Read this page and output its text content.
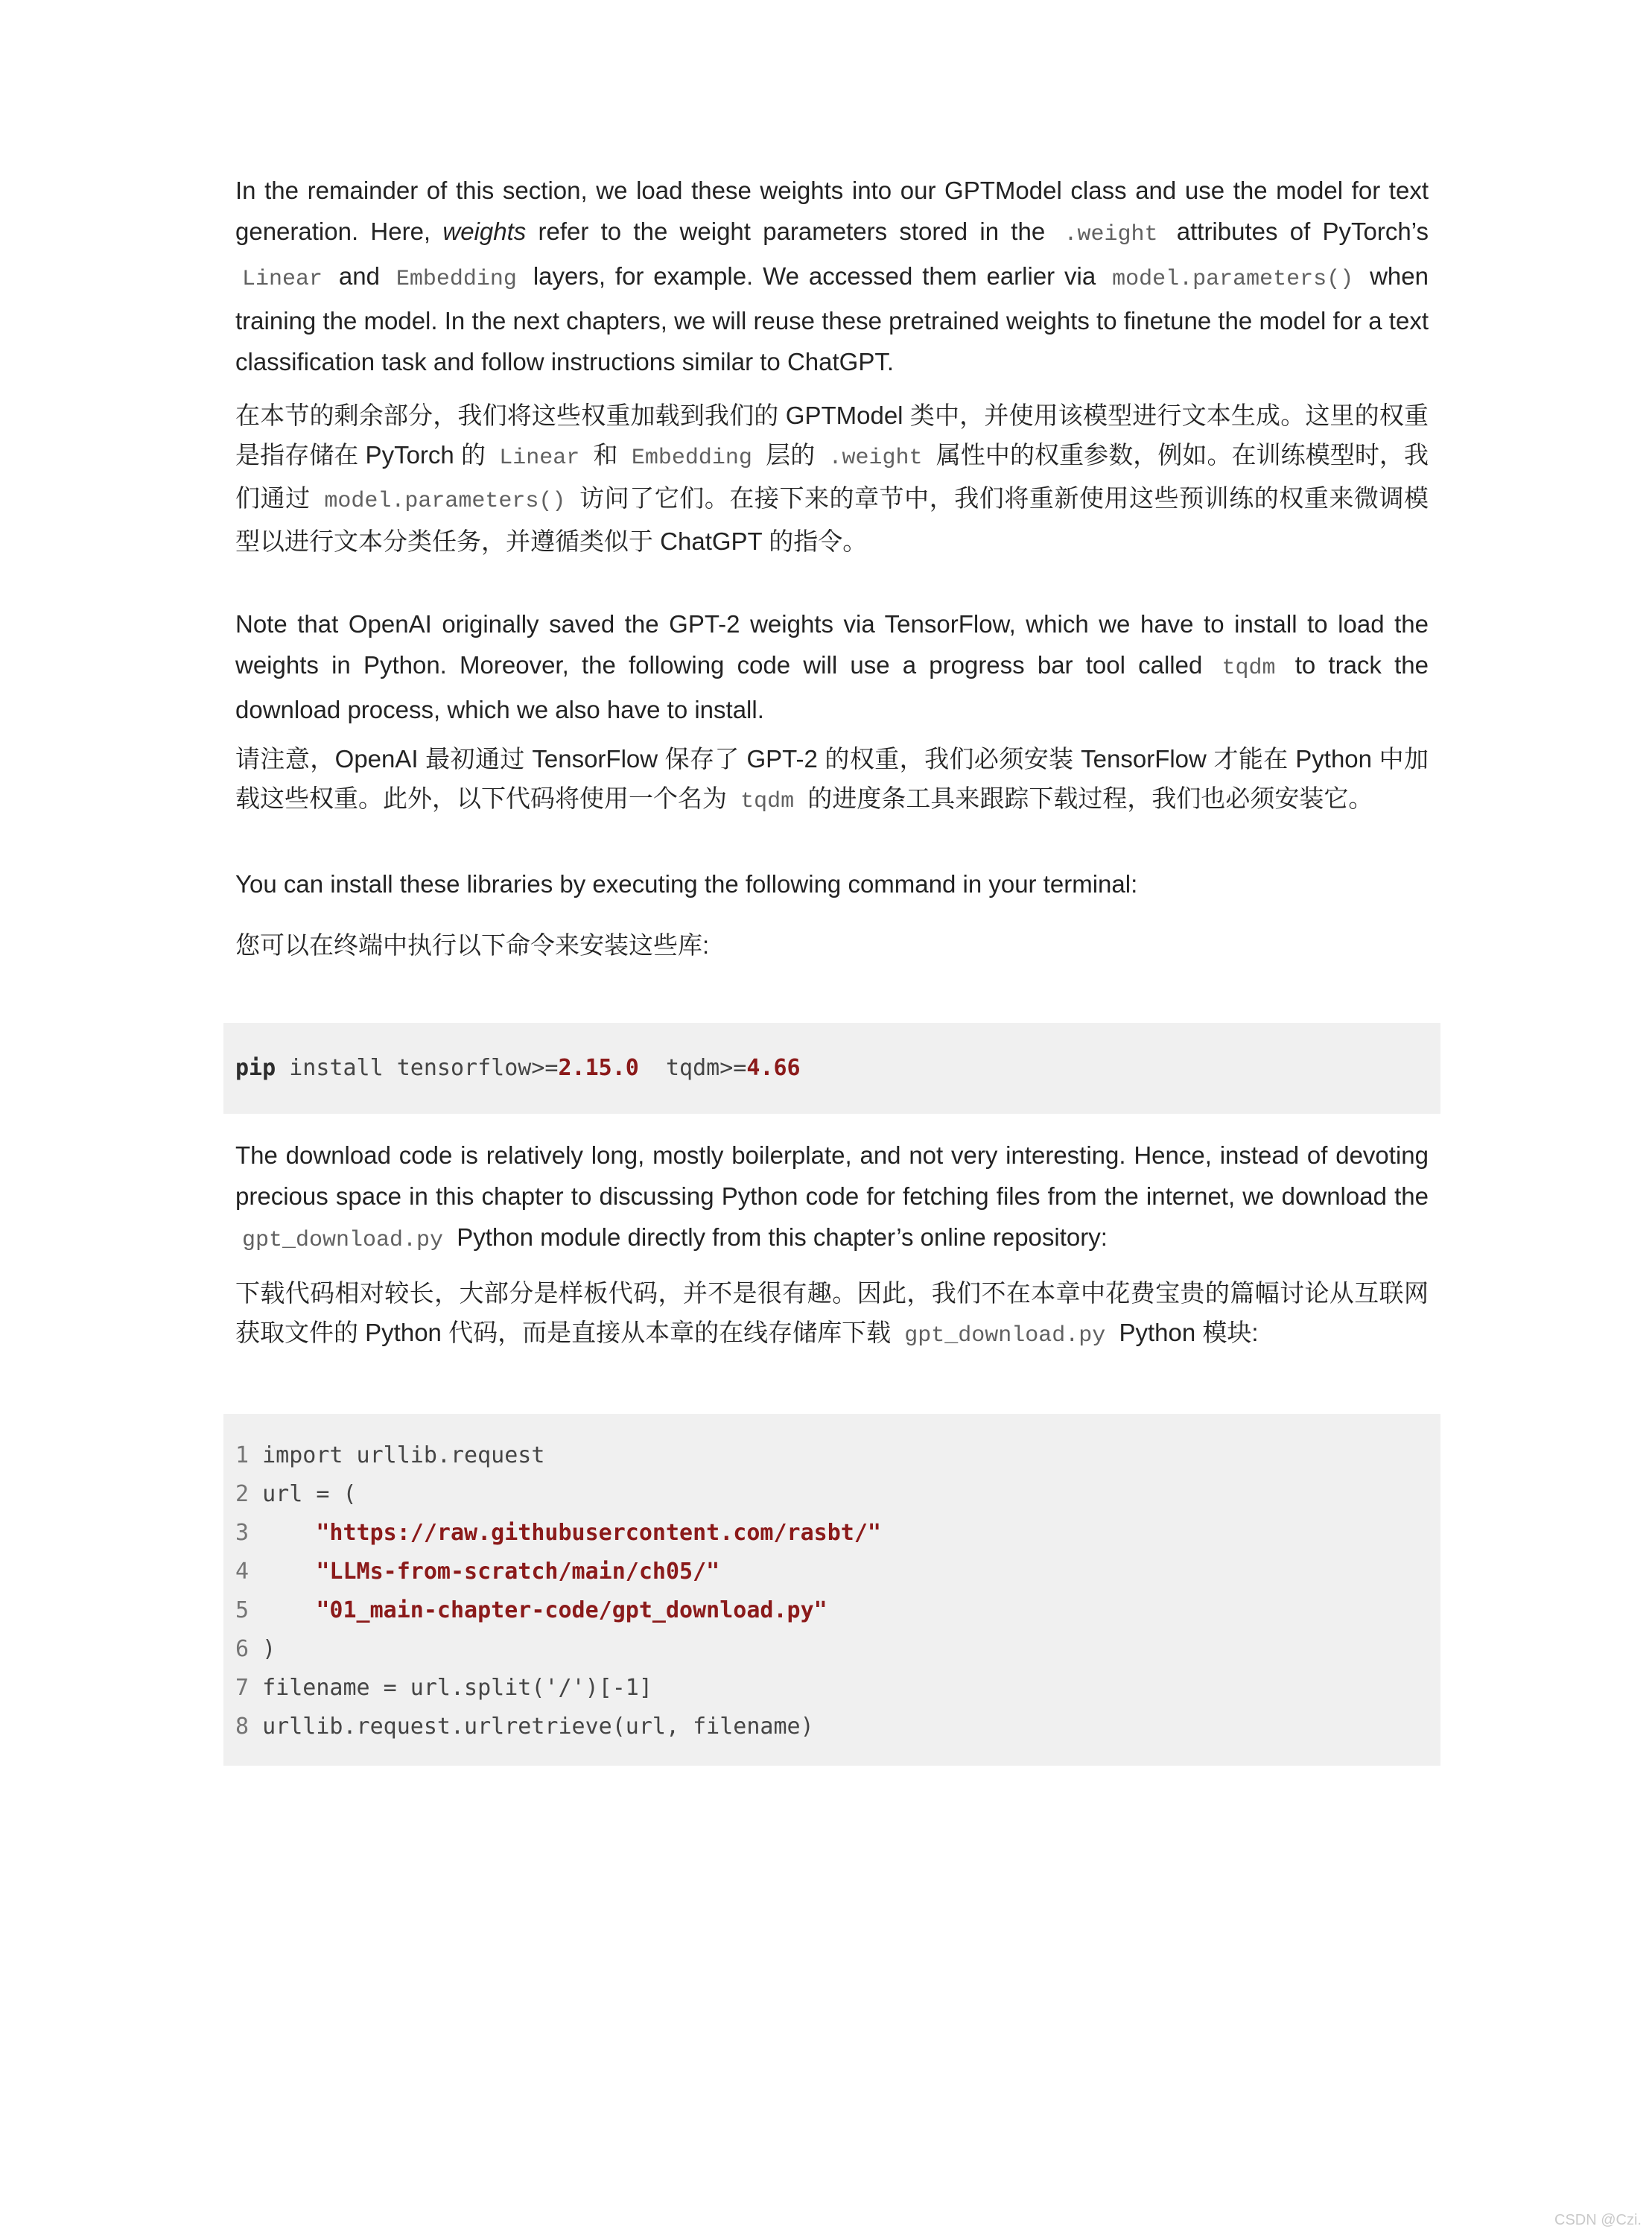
In the remainder of this section, we load these weights into our GPTModel class and use the model for text generation. Here, weights refer to the weight parameters stored in the .weight attributes of PyTorch’s Linear and Embedding layers, for example. We accessed them earlier via model.parameters() when training the model. In the next chapters, we will reuse these pretrained weights to finetune the model for a text classification task and follow instructions similar to ChatGPT.

在本节的剩余部分，我们将这些权重加载到我们的 GPTModel 类中，并使用该模型进行文本生成。这里的权重是指存储在 PyTorch 的 Linear 和 Embedding 层的 .weight 属性中的权重参数，例如。在训练模型时，我们通过 model.parameters() 访问了它们。在接下来的章节中，我们将重新使用这些预训练的权重来微调模型以进行文本分类任务，并遵循类似于 ChatGPT 的指令。

Note that OpenAI originally saved the GPT-2 weights via TensorFlow, which we have to install to load the weights in Python. Moreover, the following code will use a progress bar tool called tqdm to track the download process, which we also have to install.

请注意，OpenAI 最初通过 TensorFlow 保存了 GPT-2 的权重，我们必须安装 TensorFlow 才能在 Python 中加载这些权重。此外，以下代码将使用一个名为 tqdm 的进度条工具来跟踪下载过程，我们也必须安装它。

You can install these libraries by executing the following command in your terminal:

您可以在终端中执行以下命令来安装这些库:

pip install tensorflow>=2.15.0  tqdm>=4.66

The download code is relatively long, mostly boilerplate, and not very interesting. Hence, instead of devoting precious space in this chapter to discussing Python code for fetching files from the internet, we download the gpt_download.py Python module directly from this chapter’s online repository:

下载代码相对较长，大部分是样板代码，并不是很有趣。因此，我们不在本章中花费宝贵的篇幅讨论从互联网获取文件的 Python 代码，而是直接从本章的在线存储库下载 gpt_download.py Python 模块:

1 import urllib.request
2 url = (
3	"https://raw.githubusercontent.com/rasbt/"
4	"LLMs-from-scratch/main/ch05/"
5	"01_main-chapter-code/gpt_download.py"
6 )
7 filename = url.split('/')[-1]
8 urllib.request.urlretrieve(url, filename)
CSDN @Czi.
